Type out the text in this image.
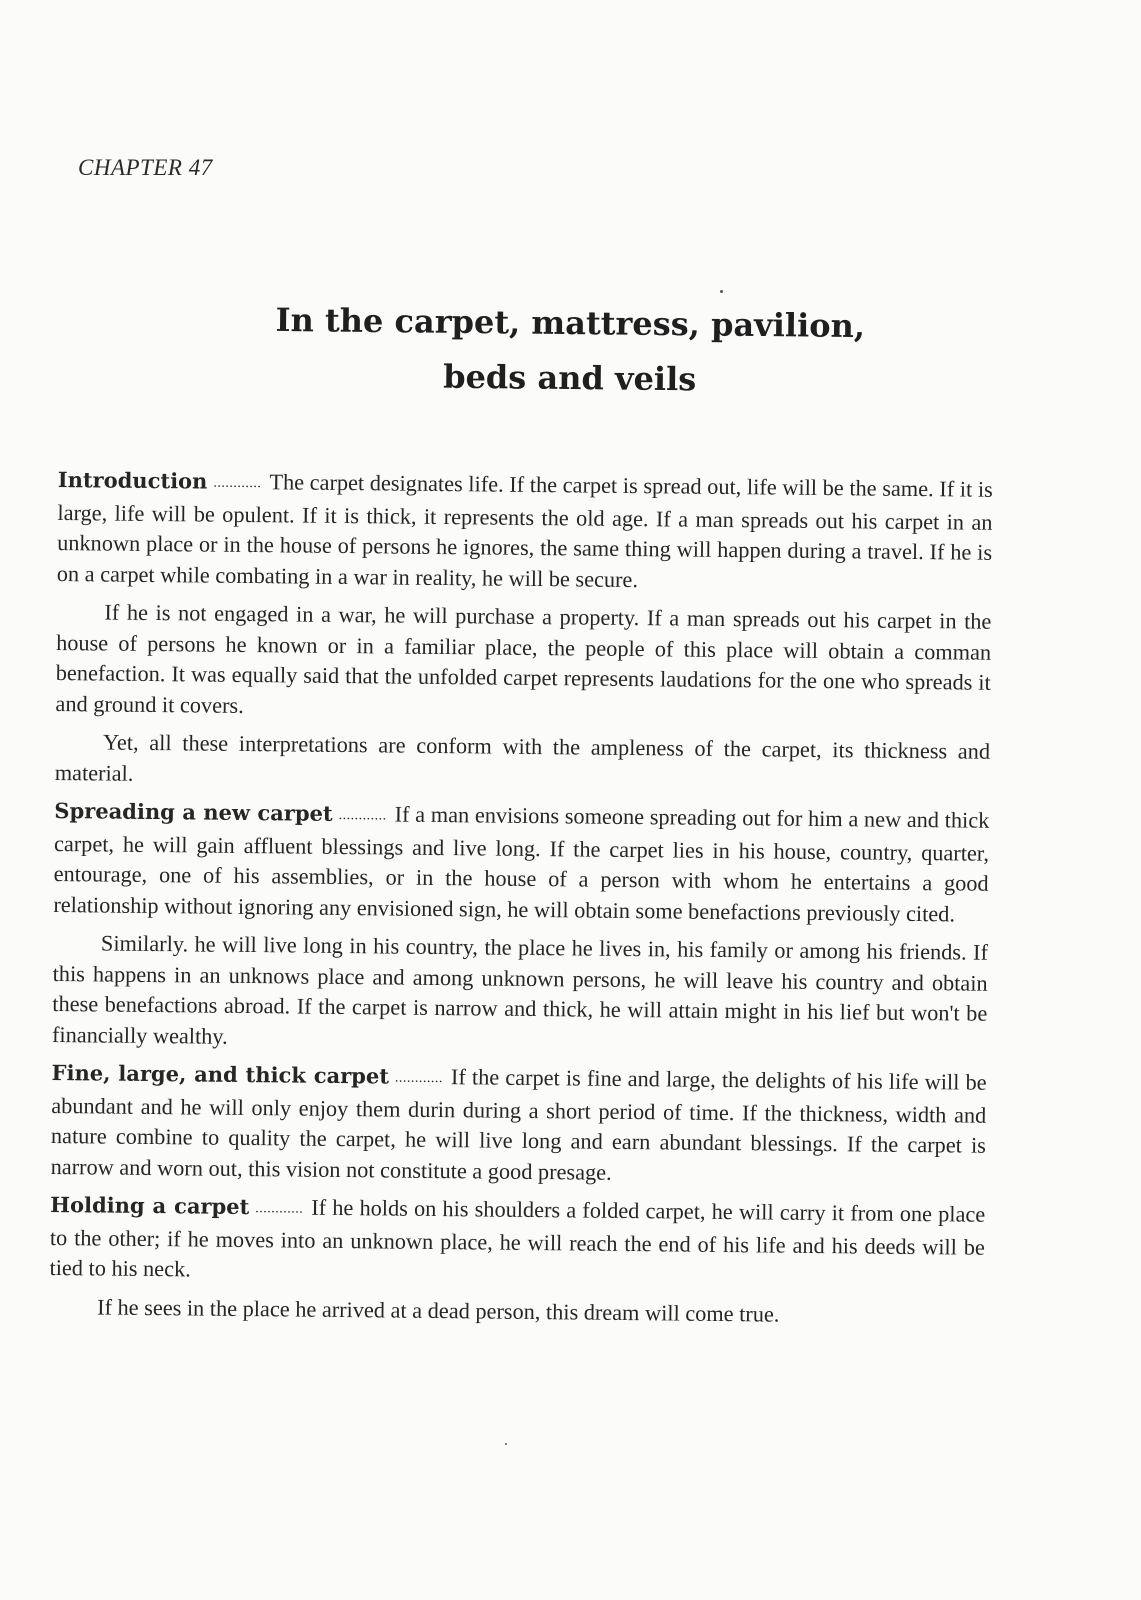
CHAPTER 47
In the carpet, mattress, pavilion,
beds and veils

Introduction ............ The carpet designates life. If the carpet is spread out, life will be the same. If it is large, life will be opulent. If it is thick, it represents the old age. If a man spreads out his carpet in an unknown place or in the house of persons he ignores, the same thing will happen during a travel. If he is on a carpet while combating in a war in reality, he will be secure.

If he is not engaged in a war, he will purchase a property. If a man spreads out his carpet in the house of persons he known or in a familiar place, the people of this place will obtain a comman benefaction. It was equally said that the unfolded carpet represents laudations for the one who spreads it and ground it covers.

Yet, all these interpretations are conform with the ampleness of the carpet, its thickness and material.

Spreading a new carpet ............ If a man envisions someone spreading out for him a new and thick carpet, he will gain affluent blessings and live long. If the carpet lies in his house, country, quarter, entourage, one of his assemblies, or in the house of a person with whom he entertains a good relationship without ignoring any envisioned sign, he will obtain some benefactions previously cited.

Similarly. he will live long in his country, the place he lives in, his family or among his friends. If this happens in an unknows place and among unknown persons, he will leave his country and obtain these benefactions abroad. If the carpet is narrow and thick, he will attain might in his lief but won't be financially wealthy.

Fine, large, and thick carpet ............ If the carpet is fine and large, the delights of his life will be abundant and he will only enjoy them durin during a short period of time. If the thickness, width and nature combine to quality the carpet, he will live long and earn abundant blessings. If the carpet is narrow and worn out, this vision not constitute a good presage.

Holding a carpet ............ If he holds on his shoulders a folded carpet, he will carry it from one place to the other; if he moves into an unknown place, he will reach the end of his life and his deeds will be tied to his neck.

If he sees in the place he arrived at a dead person, this dream will come true.
